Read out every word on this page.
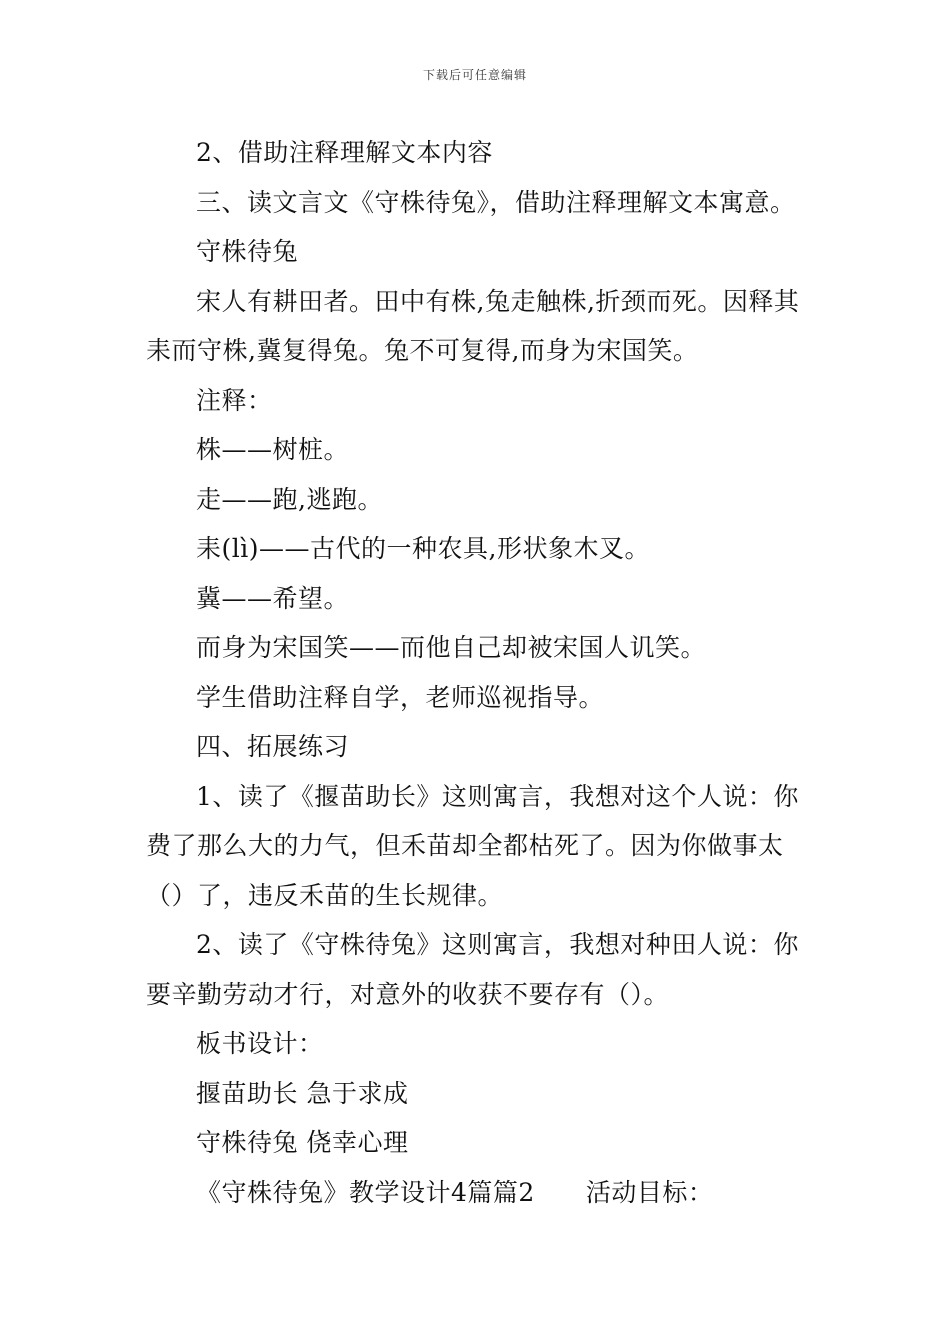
下载后可任意编辑

2、借助注释理解文本内容

三、读文言文《守株待兔》，借助注释理解文本寓意。

守株待兔

宋人有耕田者。田中有株,兔走触株,折颈而死。因释其耒而守株,冀复得兔。兔不可复得,而身为宋国笑。

注释：

株——树桩。

走——跑,逃跑。

耒(lì)——古代的一种农具,形状象木叉。

冀——希望。

而身为宋国笑——而他自己却被宋国人讥笑。

学生借助注释自学，老师巡视指导。

四、拓展练习

1、读了《揠苗助长》这则寓言，我想对这个人说：你费了那么大的力气，但禾苗却全都枯死了。因为你做事太（）了，违反禾苗的生长规律。

2、读了《守株待兔》这则寓言，我想对种田人说：你要辛勤劳动才行，对意外的收获不要存有（）。

板书设计：

揠苗助长 急于求成

守株待兔 侥幸心理

《守株待兔》教学设计4篇篇2　　活动目标：
